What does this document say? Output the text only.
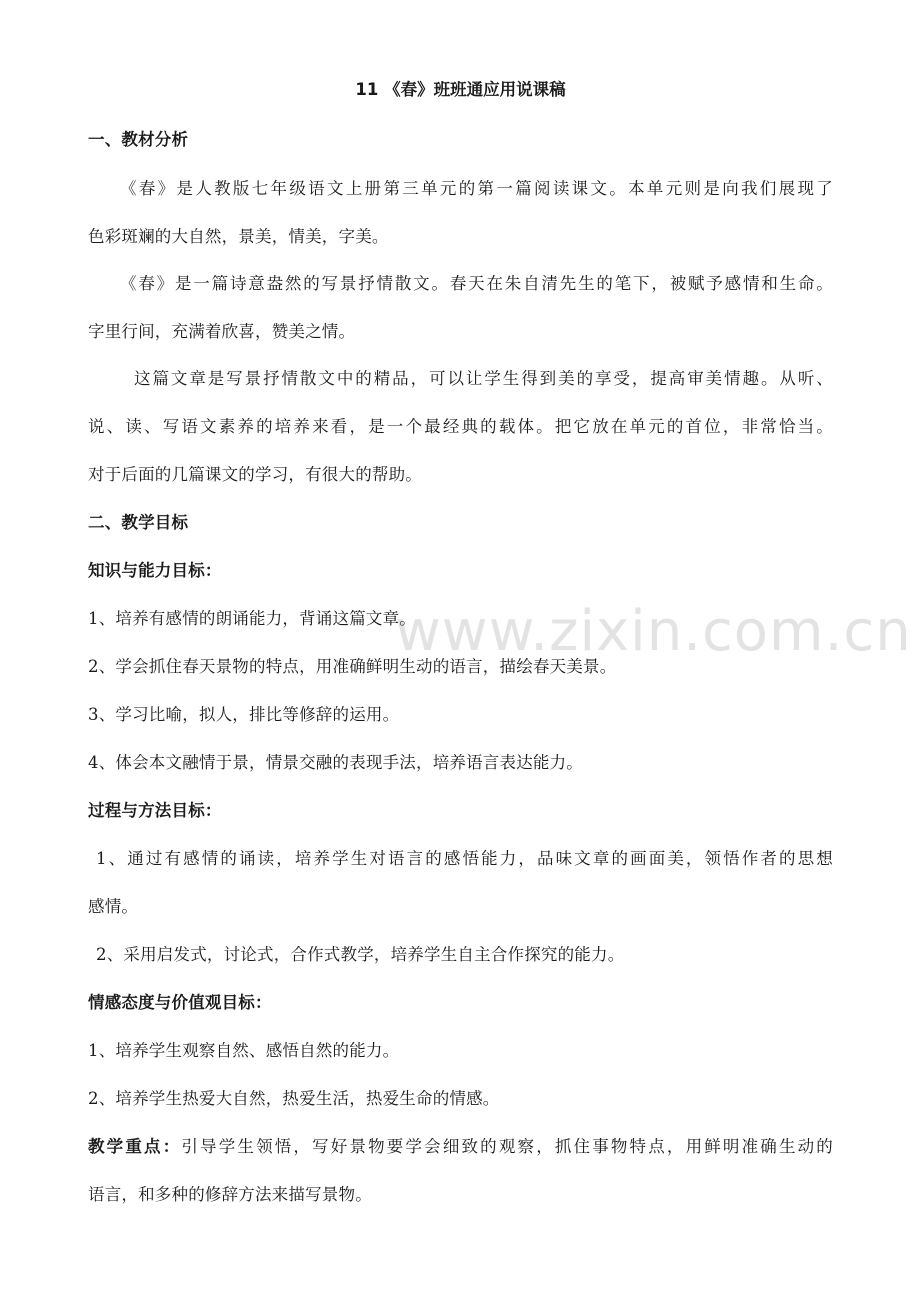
www.zixin.com.cn
11 《春》班班通应用说课稿
一、教材分析
《春》是人教版七年级语文上册第三单元的第一篇阅读课文。本单元则是向我们展现了
色彩斑斓的大自然，景美，情美，字美。
《春》是一篇诗意盎然的写景抒情散文。春天在朱自清先生的笔下，被赋予感情和生命。
字里行间，充满着欣喜，赞美之情。
这篇文章是写景抒情散文中的精品，可以让学生得到美的享受，提高审美情趣。从听、
说、读、写语文素养的培养来看，是一个最经典的载体。把它放在单元的首位，非常恰当。
对于后面的几篇课文的学习，有很大的帮助。
二、教学目标
知识与能力目标：
1、培养有感情的朗诵能力，背诵这篇文章。
2、学会抓住春天景物的特点，用准确鲜明生动的语言，描绘春天美景。
3、学习比喻，拟人，排比等修辞的运用。
4、体会本文融情于景，情景交融的表现手法，培养语言表达能力。
过程与方法目标：
1、通过有感情的诵读，培养学生对语言的感悟能力，品味文章的画面美，领悟作者的思想
感情。
2、采用启发式，讨论式，合作式教学，培养学生自主合作探究的能力。
情感态度与价值观目标：
1、培养学生观察自然、感悟自然的能力。
2、培养学生热爱大自然，热爱生活，热爱生命的情感。
教学重点：引导学生领悟，写好景物要学会细致的观察，抓住事物特点，用鲜明准确生动的
语言，和多种的修辞方法来描写景物。
